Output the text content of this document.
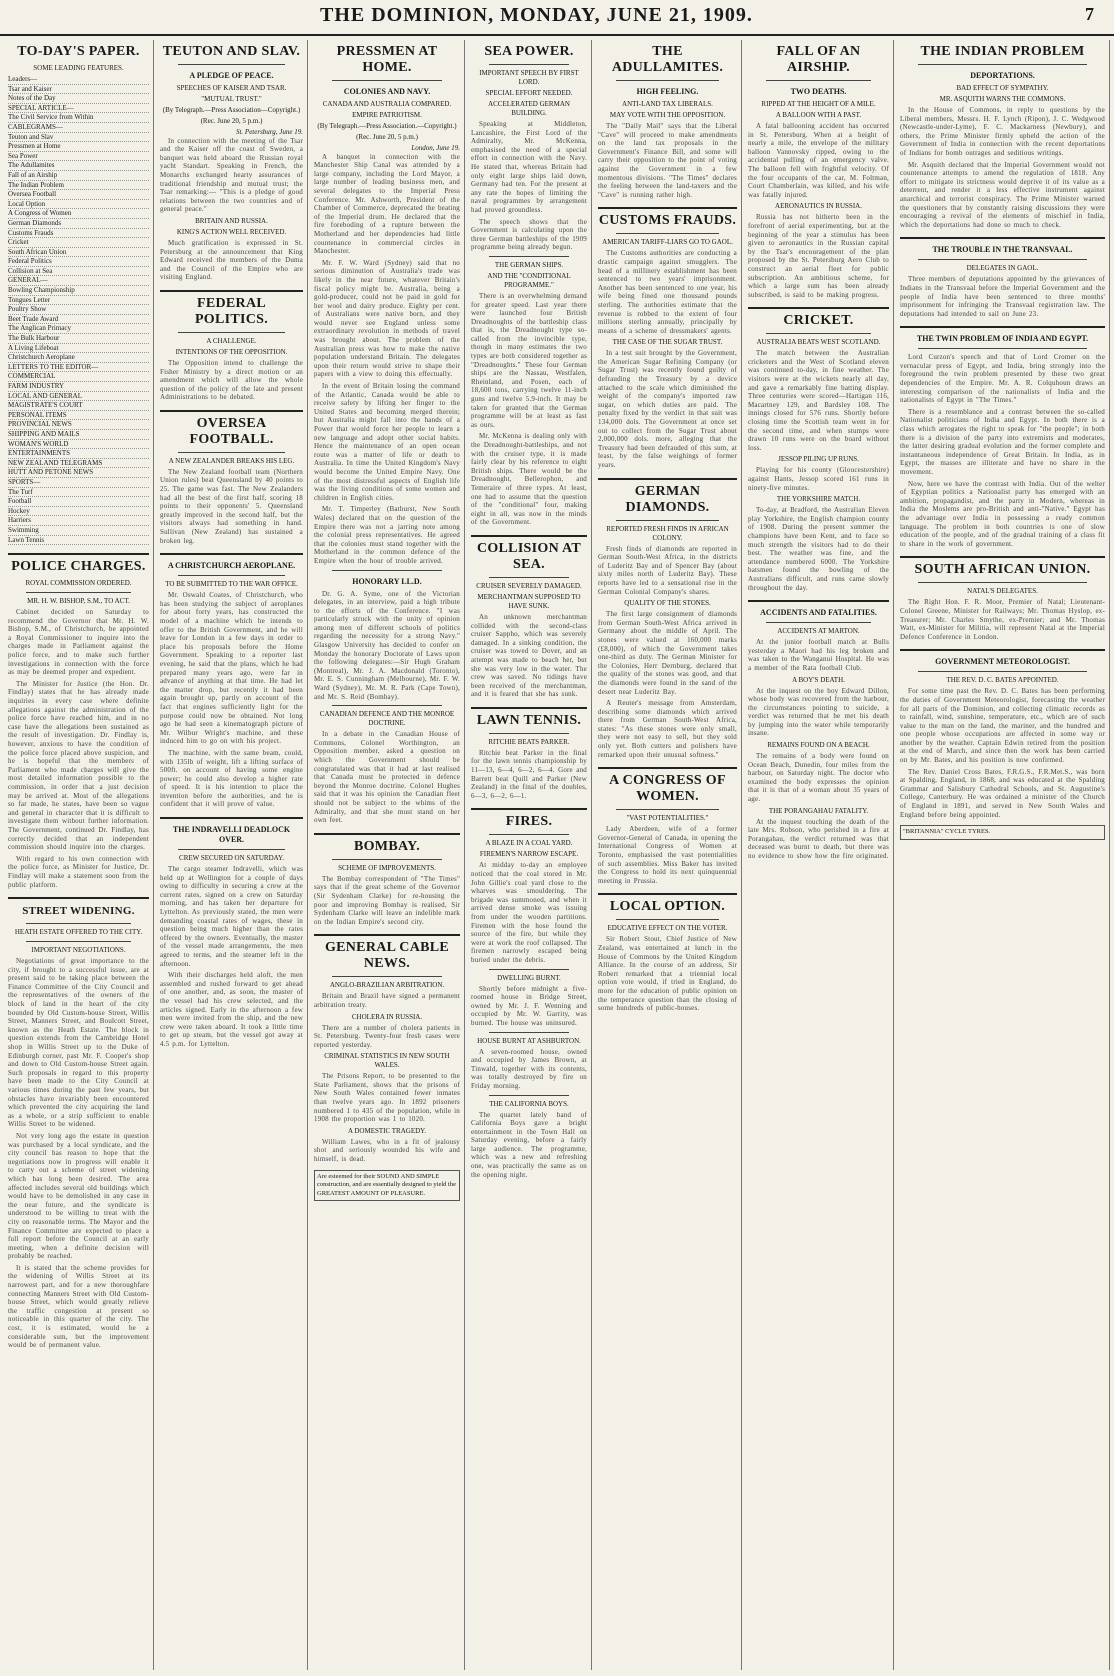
THE DOMINION, MONDAY, JUNE 21, 1909.	7
TO-DAY'S PAPER.
SOME LEADING FEATURES.
Leaders—
Tsar and Kaiser
Notes of the Day
SPECIAL ARTICLE—
The Civil Service from Within
CABLEGRAMS—
Teuton and Slav
Pressmen at Home
Sea Power
The Adullamites
Fall of an Airship
The Indian Problem
Oversea Football
Local Option
A Congress of Women
German Diamonds
Customs Frauds
Cricket
South African Union
Federal Politics
Collision at Sea
GENERAL—
Bowling Championship
Tongues Letter
Poultry Show
Beet Trade Award
The Anglican Primacy
The Bulk Harbour
A Living Lifeboat
Christchurch Aeroplane
LETTERS TO THE EDITOR—
COMMERCIAL
FARM INDUSTRY
LOCAL AND GENERAL
MAGISTRATE'S COURT
PERSONAL ITEMS
PROVINCIAL NEWS
SHIPPING AND MAILS
WOMAN'S WORLD
ENTERTAINMENTS
NEW ZEALAND TELEGRAMS
HUTT AND PETONE NEWS
SPORTS—
The Turf
Football
Hockey
Harriers
Swimming
Lawn Tennis
POLICE CHARGES.
ROYAL COMMISSION ORDERED.
MR. H. W. BISHOP, S.M., TO ACT.

Cabinet decided on Saturday to recommend the Governor that Mr. H. W. Bishop, S.M., of Christchurch, be appointed a Royal Commissioner to inquire into the charges made in Parliament against the police force, and to make such further investigations in connection with the force as may be deemed proper and expedient.

The Minister for Justice (the Hon. Dr. Findlay) states that he has already made inquiries in every case where definite allegations against the administration of the police force have reached him, and in no case have the allegations been sustained as the result of investigation. Dr. Findlay is, however, anxious to have the condition of the police force placed above suspicion, and he is hopeful that the members of Parliament who made charges will give the most detailed information possible to the commission, in order that a just decision may be arrived at. Most of the allegations so far made, he states, have been so vague and general in character that it is difficult to investigate them without further information. The Government, continued Dr. Findlay, has correctly decided that an independent commission should inquire into the charges.

With regard to his own connection with the police force, as Minister for Justice, Dr. Findlay will make a statement soon from the public platform.

STREET WIDENING.
HEATH ESTATE OFFERED TO THE CITY.
IMPORTANT NEGOTIATIONS.

Negotiations of great importance to the city, if brought to a successful issue, are at present said to be taking place between the Finance Committee of the City Council and the representatives of the owners of the block of land in the heart of the city bounded by Old Custom-house Street, Willis Street, Manners Street, and Boulcott Street, known as the Heath Estate. The block in question extends from the Cambridge Hotel shop in Willis Street up to the Duke of Edinburgh corner, past Mr. F. Cooper's shop and down to Old Custom-house Street again. Such proposals in regard to this property have been made to the City Council at various times during the past few years, but obstacles have invariably been encountered which prevented the city acquiring the land as a whole, or a strip sufficient to enable Willis Street to be widened.

Not very long ago the estate in question was purchased by a local syndicate, and the city council has reason to hope that the negotiations now in progress will enable it to carry out a scheme of street widening which has long been desired. The area affected includes several old buildings which would have to be demolished in any case in the near future, and the syndicate is understood to be willing to treat with the city on reasonable terms. The Mayor and the Finance Committee are expected to place a full report before the Council at an early meeting, when a definite decision will probably be reached.

It is stated that the scheme provides for the widening of Willis Street at its narrowest part, and for a new thoroughfare connecting Manners Street with Old Custom-house Street, which would greatly relieve the traffic congestion at present so noticeable in this quarter of the city. The cost, it is estimated, would be a considerable sum, but the improvement would be of permanent value.

TEUTON AND SLAV.
A PLEDGE OF PEACE.
SPEECHES OF KAISER AND TSAR.
"MUTUAL TRUST."
(By Telegraph.—Press Association—Copyright.)
(Rec. June 20, 5 p.m.)
St. Petersburg, June 19.

In connection with the meeting of the Tsar and the Kaiser off the coast of Sweden, a banquet was held aboard the Russian royal yacht Standart. Speaking in French, the Monarchs exchanged hearty assurances of traditional friendship and mutual trust; the Tsar remarking:— "This is a pledge of good relations between the two countries and of general peace."

BRITAIN AND RUSSIA.
KING'S ACTION WELL RECEIVED.

Much gratification is expressed in St. Petersburg at the announcement that King Edward received the members of the Duma and the Council of the Empire who are visiting England.

FEDERAL POLITICS.
A CHALLENGE.
INTENTIONS OF THE OPPOSITION.

The Opposition intend to challenge the Fisher Ministry by a direct motion or an amendment which will allow the whole question of the policy of the late and present Administrations to be debated.

OVERSEA FOOTBALL.
A NEW ZEALANDER BREAKS HIS LEG.

The New Zealand football team (Northern Union rules) beat Queensland by 40 points to 25. The game was fast. The New Zealanders had all the best of the first half, scoring 18 points to their opponents' 5. Queensland greatly improved in the second half, but the visitors always had something in hand. Sullivan (New Zealand) has sustained a broken leg.

A CHRISTCHURCH AEROPLANE.
TO BE SUBMITTED TO THE WAR OFFICE.

Mr. Oswald Coates, of Christchurch, who has been studying the subject of aeroplanes for about forty years, has constructed the model of a machine which he intends to offer to the British Government, and he will leave for London in a few days in order to place his proposals before the Home Government. Speaking to a reporter last evening, he said that the plans, which he had prepared many years ago, were far in advance of anything at that time. He had let the matter drop, but recently it had been again brought up, partly on account of the fact that engines sufficiently light for the purpose could now be obtained. Not long ago he had seen a kinematograph picture of Mr. Wilbur Wright's machine, and these induced him to go on with his project.

The machine, with the same beam, could, with 135lb of weight, lift a lifting surface of 500ft. on account of having some engine power; he could also develop a higher rate of speed. It is his intention to place the invention before the authorities, and he is confident that it will prove of value.

THE INDRAVELLI DEADLOCK OVER.
CREW SECURED ON SATURDAY.

The cargo steamer Indravelli, which was held up at Wellington for a couple of days owing to difficulty in securing a crew at the current rates, signed on a crew on Saturday morning, and has taken her departure for Lyttelton. As previously stated, the men were demanding coastal rates of wages, these in question being much higher than the rates offered by the owners. Eventually, the master of the vessel made arrangements, the men agreed to terms, and the steamer left in the afternoon.

With their discharges held aloft, the men assembled and rushed forward to get ahead of one another, and, as soon, the master of the vessel had his crew selected, and the articles signed. Early in the afternoon a few men were invited from the ship, and the new crew were taken aboard. It took a little time to get up steam, but the vessel got away at 4.5 p.m. for Lyttelton.

PRESSMEN AT HOME.
COLONIES AND NAVY.
CANADA AND AUSTRALIA COMPARED.
EMPIRE PATRIOTISM.
(By Telegraph.—Press Association.—Copyright.)
(Rec. June 20, 5 p.m.)
London, June 19.

A banquet in connection with the Manchester Ship Canal was attended by a large company, including the Lord Mayor, a large number of leading business men, and several delegates to the Imperial Press Conference. Mr. Ashworth, President of the Chamber of Commerce, deprecated the beating of the Imperial drum. He declared that the fire foreboding of a rupture between the Motherland and her dependencies had little countenance in commercial circles in Manchester.

Mr. F. W. Ward (Sydney) said that no serious diminution of Australia's trade was likely in the near future, whatever Britain's fiscal policy might be. Australia, being a gold-producer, could not be paid in gold for her wool and dairy produce. Eighty per cent. of Australians were native born, and they would never see England unless some extraordinary revolution in methods of travel was brought about. The problem of the Australian press was how to make the native population understand Britain. The delegates upon their return would strive to shape their papers with a view to doing this effectually.

In the event of Britain losing the command of the Atlantic, Canada would be able to receive safety by lifting her finger to the United States and becoming merged therein; but Australia might fall into the hands of a Power that would force her people to learn a new language and adopt other social habits. Hence the maintenance of an open ocean route was a matter of life or death to Australia. In time the United Kingdom's Navy would become the United Empire Navy. One of the most distressful aspects of English life was the living conditions of some women and children in English cities.

Mr. T. Timperley (Bathurst, New South Wales) declared that on the question of the Empire there was not a jarring note among the colonial press representatives. He agreed that the colonies must stand together with the Motherland in the common defence of the Empire when the hour of trouble arrived.

HONORARY LL.D.

Dr. G. A. Syme, one of the Victorian delegates, in an interview, paid a high tribute to the efforts of the Conference. "I was particularly struck with the unity of opinion among men of different schools of politics regarding the necessity for a strong Navy." Glasgow University has decided to confer on Monday the honorary Doctorate of Laws upon the following delegates:—Sir Hugh Graham (Montreal), Mr. J. A. Macdonald (Toronto), Mr. E. S. Cunningham (Melbourne), Mr. F. W. Ward (Sydney), Mr. M. R. Park (Cape Town), and Mr. S. Reid (Bombay).

CANADIAN DEFENCE AND THE MONROE DOCTRINE.

In a debate in the Canadian House of Commons, Colonel Worthington, an Opposition member, asked a question on which the Government should be congratulated was that it had at last realised that Canada must be protected in defence beyond the Monroe doctrine. Colonel Hughes said that it was his opinion the Canadian fleet should not be subject to the whims of the Admiralty, and that she must stand on her own feet.

BOMBAY.
SCHEME OF IMPROVEMENTS.

The Bombay correspondent of "The Times" says that if the great scheme of the Governor (Sir Sydenham Clarke) for re-housing the poor and improving Bombay is realised, Sir Sydenham Clarke will leave an indelible mark on the Indian Empire's second city.

GENERAL CABLE NEWS.
ANGLO-BRAZILIAN ARBITRATION.

Britain and Brazil have signed a permanent arbitration treaty.

CHOLERA IN RUSSIA.

There are a number of cholera patients in St. Petersburg. Twenty-four fresh cases were reported yesterday.

CRIMINAL STATISTICS IN NEW SOUTH WALES.

The Prisons Report, to be presented to the State Parliament, shows that the prisons of New South Wales contained fewer inmates than twelve years ago. In 1892 prisoners numbered 1 to 435 of the population, while in 1908 the proportion was 1 to 1020.

A DOMESTIC TRAGEDY.

William Lawes, who in a fit of jealousy shot and seriously wounded his wife and himself, is dead.

Are esteemed for their SOUND AND SIMPLE construction, and are essentially designed to yield the GREATEST AMOUNT OF PLEASURE.
SEA POWER.
IMPORTANT SPEECH BY FIRST LORD.
SPECIAL EFFORT NEEDED.
ACCELERATED GERMAN BUILDING.

Speaking at Middleton, Lancashire, the First Lord of the Admiralty, Mr. McKenna, emphasised the need of a special effort in connection with the Navy. He stated that, whereas Britain had only eight large ships laid down, Germany had ten. For the present at any rate the hopes of limiting the naval programmes by arrangement had proved groundless.

The speech shows that the Government is calculating upon the three German battleships of the 1909 programme being already begun.

THE GERMAN SHIPS.
AND THE "CONDITIONAL PROGRAMME."

There is an overwhelming demand for greater speed. Last year there were launched four British Dreadnoughts of the battleship class that is, the Dreadnought type so-called from the invincible type, though in many estimates the two types are both considered together as "Dreadnoughts." These four German ships are the Nassau, Westfalen, Rheinland, and Posen, each of 18,600 tons, carrying twelve 11-inch guns and twelve 5.9-inch. It may be taken for granted that the German programme will be at least as fast as ours.

Mr. McKenna is dealing only with the Dreadnought-battleships, and not with the cruiser type, it is made fairly clear by his reference to eight British ships. There would be the Dreadnought, Bellerophon, and Temeraire of three types. At least, one had to assume that the question of the "conditional" four, making eight in all, was now in the minds of the Government.

COLLISION AT SEA.
CRUISER SEVERELY DAMAGED.
MERCHANTMAN SUPPOSED TO HAVE SUNK.

An unknown merchantman collided with the second-class cruiser Sappho, which was severely damaged. In a sinking condition, the cruiser was towed to Dover, and an attempt was made to beach her, but she was very low in the water. The crew was saved. No tidings have been received of the merchantman, and it is feared that she has sunk.

LAWN TENNIS.
RITCHIE BEATS PARKER.

Ritchie beat Parker in the final for the lawn tennis championship by 11—13, 6—4, 6—2, 6—4. Gore and Barrett beat Quill and Parker (New Zealand) in the final of the doubles, 6—3, 6—2, 6—1.

FIRES.
A BLAZE IN A COAL YARD.
FIREMEN'S NARROW ESCAPE.

At midday to-day an employee noticed that the coal stored in Mr. John Gillie's coal yard close to the wharves was smouldering. The brigade was summoned, and when it arrived dense smoke was issuing from under the wooden partitions. Firemen with the hose found the source of the fire, but while they were at work the roof collapsed. The firemen narrowly escaped being buried under the debris.

DWELLING BURNT.

Shortly before midnight a five-roomed house in Bridge Street, owned by Mr. J. F. Wenning and occupied by Mr. W. Garrity, was burned. The house was uninsured.

HOUSE BURNT AT ASHBURTON.

A seven-roomed house, owned and occupied by James Brown, at Tinwald, together with its contents, was totally destroyed by fire on Friday morning.

THE CALIFORNIA BOYS.

The quartet lately band of California Boys gave a bright entertainment in the Town Hall on Saturday evening, before a fairly large audience. The programme, which was a new and refreshing one, was practically the same as on the opening night.

THE ADULLAMITES.
HIGH FEELING.
ANTI-LAND TAX LIBERALS.
MAY VOTE WITH THE OPPOSITION.

The "Daily Mail" says that the Liberal "Cave" will proceed to make amendments on the land tax proposals in the Government's Finance Bill, and some will carry their opposition to the point of voting against the Government in a few momentous divisions. "The Times" declares the feeling between the land-taxers and the "Cave" is running rather high.

CUSTOMS FRAUDS.
AMERICAN TARIFF-LIARS GO TO GAOL.

The Customs authorities are conducting a drastic campaign against smugglers. The head of a millinery establishment has been sentenced to two years' imprisonment. Another has been sentenced to one year, his wife being fined one thousand pounds sterling. The authorities estimate that the revenue is robbed to the extent of four millions sterling annually, principally by means of a scheme of dressmakers' agents.

THE CASE OF THE SUGAR TRUST.

In a test suit brought by the Government, the American Sugar Refining Company (or Sugar Trust) was recently found guilty of defrauding the Treasury by a device attached to the scale which diminished the weight of the company's imported raw sugar, on which duties are paid. The penalty fixed by the verdict in that suit was 134,000 dols. The Government at once set out to collect from the Sugar Trust about 2,000,000 dols. more, alleging that the Treasury had been defrauded of this sum, at least, by the false weighings of former years.

GERMAN DIAMONDS.
REPORTED FRESH FINDS IN AFRICAN COLONY.

Fresh finds of diamonds are reported in German South-West Africa, in the districts of Luderitz Bay and of Spencer Bay (about sixty miles north of Luderitz Bay). These reports have led to a sensational rise in the German Colonial Company's shares.

QUALITY OF THE STONES.

The first large consignment of diamonds from German South-West Africa arrived in Germany about the middle of April. The stones were valued at 160,000 marks (£8,000), of which the Government takes one-third as duty. The German Minister for the Colonies, Herr Dernburg, declared that the quality of the stones was good, and that the diamonds were found in the sand of the desert near Luderitz Bay.

A Reuter's message from Amsterdam, describing some diamonds which arrived there from German South-West Africa, states: "As these stones were only small, they were not easy to sell, but they sold only yet. Both cutters and polishers have remarked upon their unusual softness."

A CONGRESS OF WOMEN.
"VAST POTENTIALITIES."

Lady Aberdeen, wife of a former Governor-General of Canada, in opening the International Congress of Women at Toronto, emphasised the vast potentialities of such assemblies. Miss Baker has invited the Congress to hold its next quinquennial meeting in Prussia.

LOCAL OPTION.
EDUCATIVE EFFECT ON THE VOTER.

Sir Robert Stout, Chief Justice of New Zealand, was entertained at lunch in the House of Commons by the United Kingdom Alliance. In the course of an address, Sir Robert remarked that a triennial local option vote would, if tried in England, do more for the education of public opinion on the temperance question than the closing of some hundreds of public-houses.

FALL OF AN AIRSHIP.
TWO DEATHS.
RIPPED AT THE HEIGHT OF A MILE.
A BALLOON WITH A PAST.

A fatal ballooning accident has occurred in St. Petersburg. When at a height of nearly a mile, the envelope of the military balloon Vannovsky ripped, owing to the accidental pulling of an emergency valve. The balloon fell with frightful velocity. Of the four occupants of the car, M. Foltman, Court Chamberlain, was killed, and his wife was fatally injured.

AERONAUTICS IN RUSSIA.

Russia has not hitherto been in the forefront of aerial experimenting, but at the beginning of the year a stimulus has been given to aeronautics in the Russian capital by the Tsar's encouragement of the plan proposed by the St. Petersburg Aero Club to construct an aerial fleet for public subscription. An ambitious scheme, for which a large sum has been already subscribed, is said to be making progress.

CRICKET.
AUSTRALIA BEATS WEST SCOTLAND.

The match between the Australian cricketers and the West of Scotland eleven was continued to-day, in fine weather. The visitors were at the wickets nearly all day, and gave a remarkably fine batting display. Three centuries were scored—Hartigan 116, Macartney 129, and Bardsley 108. The innings closed for 576 runs. Shortly before closing time the Scottish team went in for the second time, and when stumps were drawn 10 runs were on the board without loss.

JESSOP PILING UP RUNS.

Playing for his county (Gloucestershire) against Hants, Jessop scored 161 runs in ninety-five minutes.

THE YORKSHIRE MATCH.

To-day, at Bradford, the Australian Eleven play Yorkshire, the English champion county of 1908. During the present summer the champions have been Kent, and to face so much strength the visitors had to do their best. The weather was fine, and the attendance numbered 6000. The Yorkshire batsmen found the bowling of the Australians difficult, and runs came slowly throughout the day.

ACCIDENTS AND FATALITIES.
ACCIDENTS AT MARTON.

At the junior football match at Bulls yesterday a Maori had his leg broken and was taken to the Wanganui Hospital. He was a member of the Rata football Club.

A BOY'S DEATH.

At the inquest on the boy Edward Dillon, whose body was recovered from the harbour, the circumstances pointing to suicide, a verdict was returned that he met his death by jumping into the water while temporarily insane.

REMAINS FOUND ON A BEACH.

The remains of a body were found on Ocean Beach, Dunedin, four miles from the harbour, on Saturday night. The doctor who examined the body expresses the opinion that it is that of a woman about 35 years of age.

THE PORANGAHAU FATALITY.

At the inquest touching the death of the late Mrs. Robson, who perished in a fire at Porangahau, the verdict returned was that deceased was burnt to death, but there was no evidence to show how the fire originated.

THE INDIAN PROBLEM
DEPORTATIONS.
BAD EFFECT OF SYMPATHY.
MR. ASQUITH WARNS THE COMMONS.

In the House of Commons, in reply to questions by the Liberal members, Messrs. H. F. Lynch (Ripon), J. C. Wedgwood (Newcastle-under-Lyme), F. C. Mackarness (Newbury), and others, the Prime Minister firmly upheld the action of the Government of India in connection with the recent deportations of Indians for bomb outrages and seditious writings.

Mr. Asquith declared that the Imperial Government would not countenance attempts to amend the regulation of 1818. Any effort to mitigate its strictness would deprive it of its value as a deterrent, and render it a less effective instrument against anarchical and terrorist conspiracy. The Prime Minister warned the questioners that by constantly raising discussions they were encouraging a revival of the elements of mischief in India, which the deportations had done so much to check.

THE TROUBLE IN THE TRANSVAAL.
DELEGATES IN GAOL.

Three members of deputations appointed by the grievances of Indians in the Transvaal before the Imperial Government and the people of India have been sentenced to three months' imprisonment for infringing the Transvaal registration law. The deputations had intended to sail on June 23.

THE TWIN PROBLEM OF INDIA AND EGYPT.

Lord Curzon's speech and that of Lord Cromer on the vernacular press of Egypt, and India, bring strongly into the foreground the twin problem presented by these two great dependencies of the Empire. Mr. A. R. Colquhoun draws an interesting comparison of the nationalists of India and the nationalists of Egypt in "The Times."

There is a resemblance and a contrast between the so-called Nationalist politicians of India and Egypt. In both there is a class which arrogates the right to speak for "the people"; in both there is a division of the party into extremists and moderates, the latter desiring gradual evolution and the former complete and instantaneous independence of Great Britain. In India, as in Egypt, the masses are illiterate and have no share in the movement.

Now, here we have the contrast with India. Out of the welter of Egyptian politics a Nationalist party has emerged with an ambition, propagandist, and the party in Modern, whereas in India the Moslems are pro-British and anti-"Native." Egypt has the advantage over India in possessing a ready common language. The problem in both countries is one of slow education of the people, and of the gradual training of a class fit to share in the work of government.

SOUTH AFRICAN UNION.
NATAL'S DELEGATES.

The Right Hon. F. R. Moor, Premier of Natal; Lieutenant-Colonel Greene, Minister for Railways; Mr. Thomas Hyslop, ex-Treasurer; Mr. Charles Smythe, ex-Premier; and Mr. Thomas Watt, ex-Minister for Militia, will represent Natal at the Imperial Defence Conference in London.

GOVERNMENT METEOROLOGIST.
THE REV. D. C. BATES APPOINTED.

For some time past the Rev. D. C. Bates has been performing the duties of Government Meteorologist, forecasting the weather for all parts of the Dominion, and collecting climatic records as to rainfall, wind, sunshine, temperature, etc., which are of such value to the man on the land, the mariner, and the hundred and one people whose occupations are affected in some way or another by the weather. Captain Edwin retired from the position at the end of March, and since then the work has been carried on by Mr. Bates, and his position is now confirmed.

The Rev. Daniel Cross Bates, F.R.G.S., F.R.Met.S., was born at Spalding, England, in 1868, and was educated at the Spalding Grammar and Salisbury Cathedral Schools, and St. Augustine's College, Canterbury. He was ordained a minister of the Church of England in 1891, and served in New South Wales and England before being appointed.

"BRITANNIA" CYCLE TYRES.
